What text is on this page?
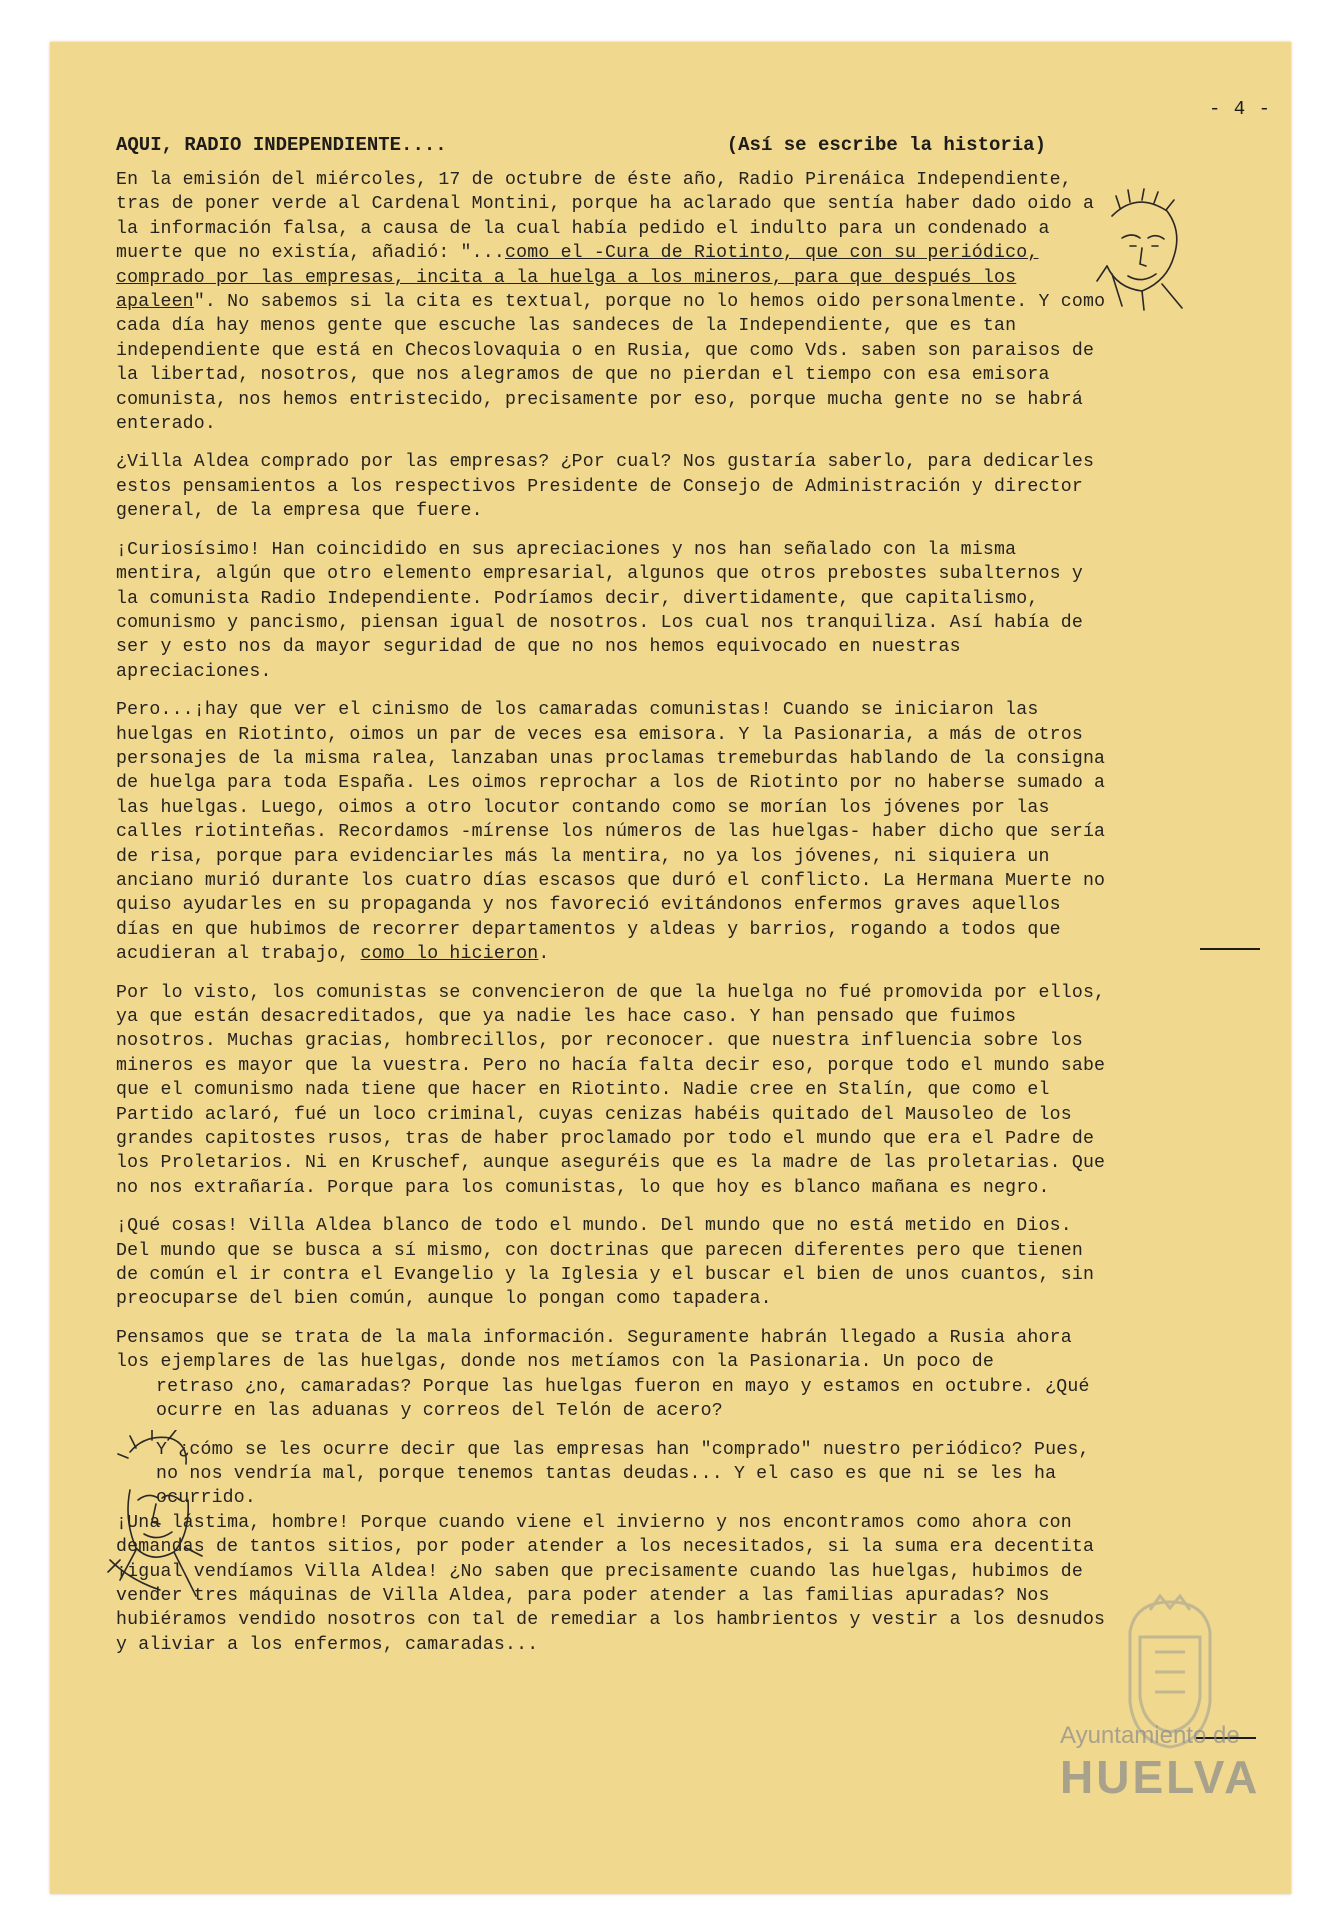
- 4 -
AQUI, RADIO INDEPENDIENTE....	(Así se escribe la historia)

En la emisión del miércoles, 17 de octubre de éste año, Radio Pirenáica Independiente, tras de poner verde al Cardenal Montini, porque ha aclarado que sentía haber dado oido a la información falsa, a causa de la cual había pedido el indulto para un condenado a muerte que no existía, añadió: "...como el -Cura de Riotinto, que con su periódico, comprado por las empresas, incita a la huelga a los mineros, para que después los apaleen". No sabemos si la cita es textual, porque no lo hemos oido personalmente. Y como cada día hay menos gente que escuche las sandeces de la Independiente, que es tan independiente que está en Checoslovaquia o en Rusia, que como Vds. saben son paraisos de la libertad, nosotros, que nos alegramos de que no pierdan el tiempo con esa emisora comunista, nos hemos entristecido, precisamente por eso, porque mucha gente no se habrá enterado.

¿Villa Aldea comprado por las empresas? ¿Por cual? Nos gustaría saberlo, para dedicarles estos pensamientos a los respectivos Presidente de Consejo de Administración y director general, de la empresa que fuere.

¡Curiosísimo! Han coincidido en sus apreciaciones y nos han señalado con la misma mentira, algún que otro elemento empresarial, algunos que otros prebostes subalternos y la comunista Radio Independiente. Podríamos decir, divertidamente, que capitalismo, comunismo y pancismo, piensan igual de nosotros. Los cual nos tranquiliza. Así había de ser y esto nos da mayor seguridad de que no nos hemos equivocado en nuestras apreciaciones.

Pero...¡hay que ver el cinismo de los camaradas comunistas! Cuando se iniciaron las huelgas en Riotinto, oimos un par de veces esa emisora. Y la Pasionaria, a más de otros personajes de la misma ralea, lanzaban unas proclamas tremeburdas hablando de la consigna de huelga para toda España. Les oimos reprochar a los de Riotinto por no haberse sumado a las huelgas. Luego, oimos a otro locutor contando como se morían los jóvenes por las calles riotinteñas. Recordamos -mírense los números de las huelgas- haber dicho que sería de risa, porque para evidenciarles más la mentira, no ya los jóvenes, ni siquiera un anciano murió durante los cuatro días escasos que duró el conflicto. La Hermana Muerte no quiso ayudarles en su propaganda y nos favoreció evitándonos enfermos graves aquellos días en que hubimos de recorrer departamentos y aldeas y barrios, rogando a todos que acudieran al trabajo, como lo hicieron.

Por lo visto, los comunistas se convencieron de que la huelga no fué promovida por ellos, ya que están desacreditados, que ya nadie les hace caso. Y han pensado que fuimos nosotros. Muchas gracias, hombrecillos, por reconocer. que nuestra influencia sobre los mineros es mayor que la vuestra. Pero no hacía falta decir eso, porque todo el mundo sabe que el comunismo nada tiene que hacer en Riotinto. Nadie cree en Stalín, que como el Partido aclaró, fué un loco criminal, cuyas cenizas habéis quitado del Mausoleo de los grandes capitostes rusos, tras de haber proclamado por todo el mundo que era el Padre de los Proletarios. Ni en Kruschef, aunque aseguréis que es la madre de las proletarias. Que no nos extrañaría. Porque para los comunistas, lo que hoy es blanco mañana es negro.

¡Qué cosas! Villa Aldea blanco de todo el mundo. Del mundo que no está metido en Dios. Del mundo que se busca a sí mismo, con doctrinas que parecen diferentes pero que tienen de común el ir contra el Evangelio y la Iglesia y el buscar el bien de unos cuantos, sin preocuparse del bien común, aunque lo pongan como tapadera.

Pensamos que se trata de la mala información. Seguramente habrán llegado a Rusia ahora los ejemplares de las huelgas, donde nos metíamos con la Pasionaria. Un poco de
retraso ¿no, camaradas? Porque las huelgas fueron en mayo y estamos en octubre. ¿Qué ocurre en las aduanas y correos del Telón de acero?

Y ¿cómo se les ocurre decir que las empresas han "comprado" nuestro periódico? Pues, no nos vendría mal, porque tenemos tantas deudas... Y el caso es que ni se les ha ocurrido.
¡Una lástima, hombre! Porque cuando viene el invierno y nos encontramos como ahora con demandas de tantos sitios, por poder atender a los necesitados, si la suma era decentita ¡igual vendíamos Villa Aldea! ¿No saben que precisamente cuando las huelgas, hubimos de vender tres máquinas de Villa Aldea, para poder atender a las familias apuradas? Nos hubiéramos vendido nosotros con tal de remediar a los hambrientos y vestir a los desnudos y aliviar a los enfermos, camaradas...

Ayuntamiento de
HUELVA
